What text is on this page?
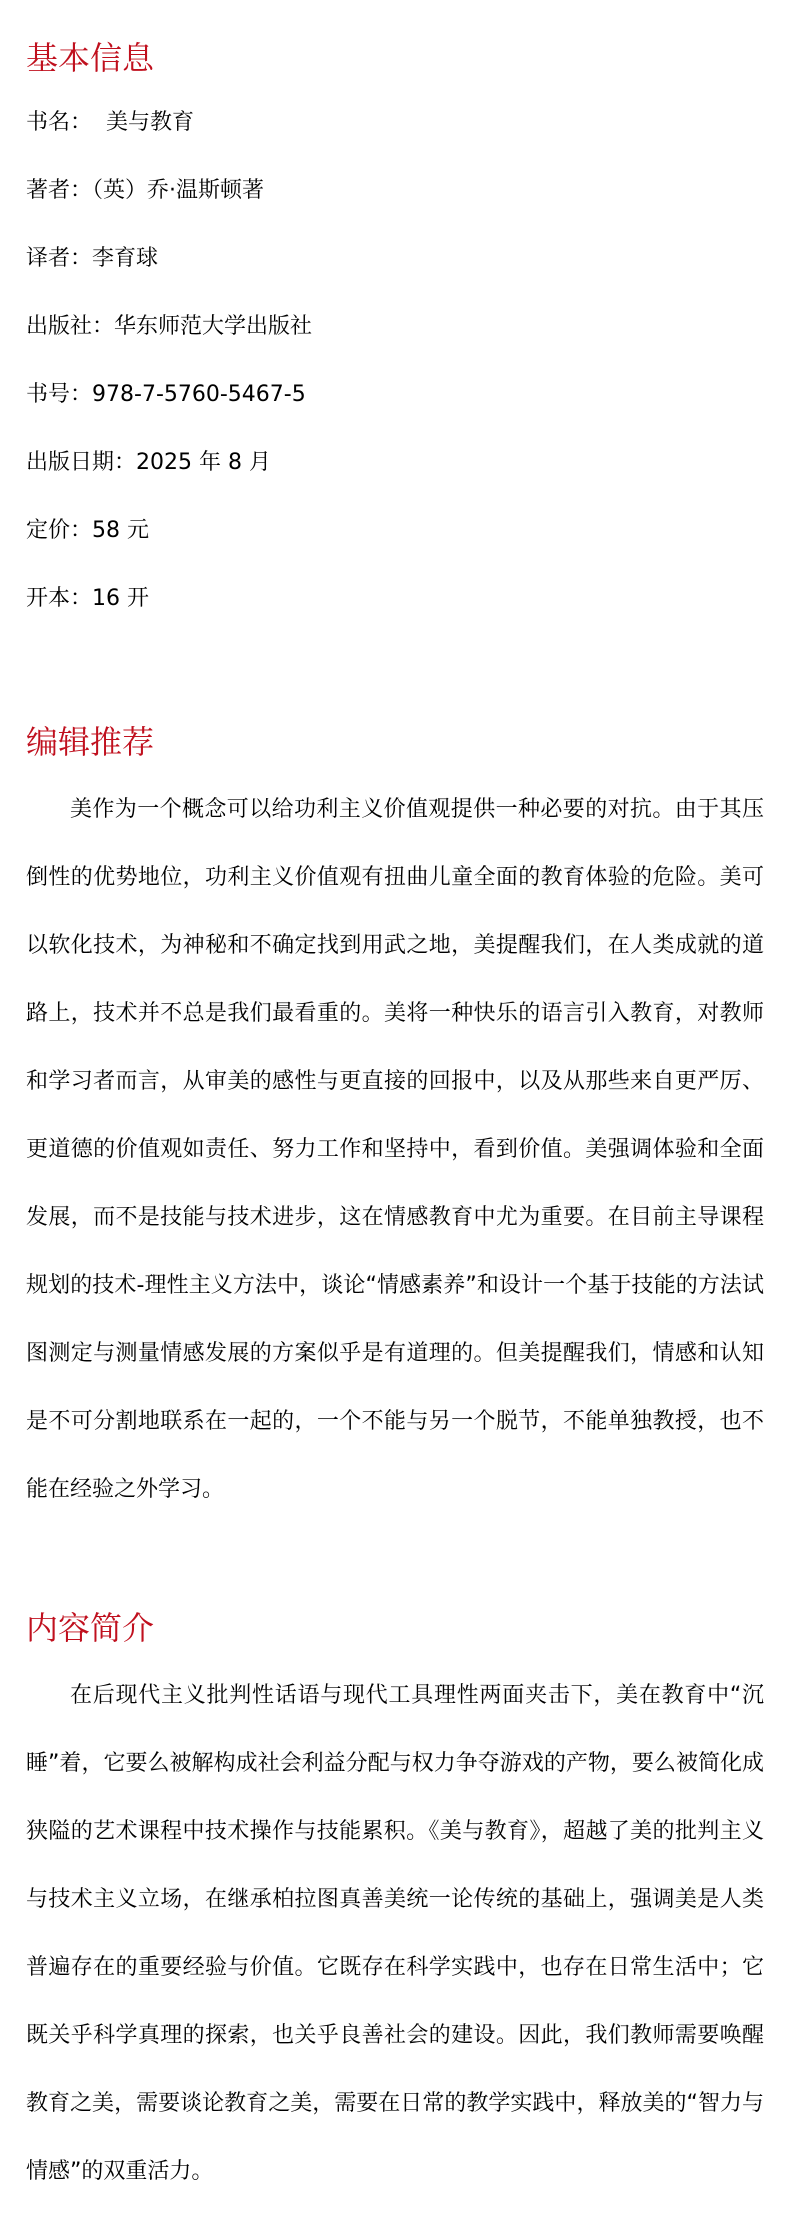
基本信息
书名：  美与教育
著者：（英）乔·温斯顿著
译者：李育球
出版社：华东师范大学出版社
书号：978-7-5760-5467-5
出版日期：2025 年 8 月
定价：58 元
开本：16 开
编辑推荐

美作为一个概念可以给功利主义价值观提供一种必要的对抗。由于其压倒性的优势地位，功利主义价值观有扭曲儿童全面的教育体验的危险。美可以软化技术，为神秘和不确定找到用武之地，美提醒我们，在人类成就的道路上，技术并不总是我们最看重的。美将一种快乐的语言引入教育，对教师和学习者而言，从审美的感性与更直接的回报中，以及从那些来自更严厉、更道德的价值观如责任、努力工作和坚持中，看到价值。美强调体验和全面发展，而不是技能与技术进步，这在情感教育中尤为重要。在目前主导课程规划的技术-理性主义方法中，谈论“情感素养”和设计一个基于技能的方法试图测定与测量情感发展的方案似乎是有道理的。但美提醒我们，情感和认知是不可分割地联系在一起的，一个不能与另一个脱节，不能单独教授，也不能在经验之外学习。

内容简介

在后现代主义批判性话语与现代工具理性两面夹击下，美在教育中“沉睡”着，它要么被解构成社会利益分配与权力争夺游戏的产物，要么被简化成狭隘的艺术课程中技术操作与技能累积。《美与教育》，超越了美的批判主义与技术主义立场，在继承柏拉图真善美统一论传统的基础上，强调美是人类普遍存在的重要经验与价值。它既存在科学实践中，也存在日常生活中；它既关乎科学真理的探索，也关乎良善社会的建设。因此，我们教师需要唤醒教育之美，需要谈论教育之美，需要在日常的教学实践中，释放美的“智力与情感”的双重活力。
